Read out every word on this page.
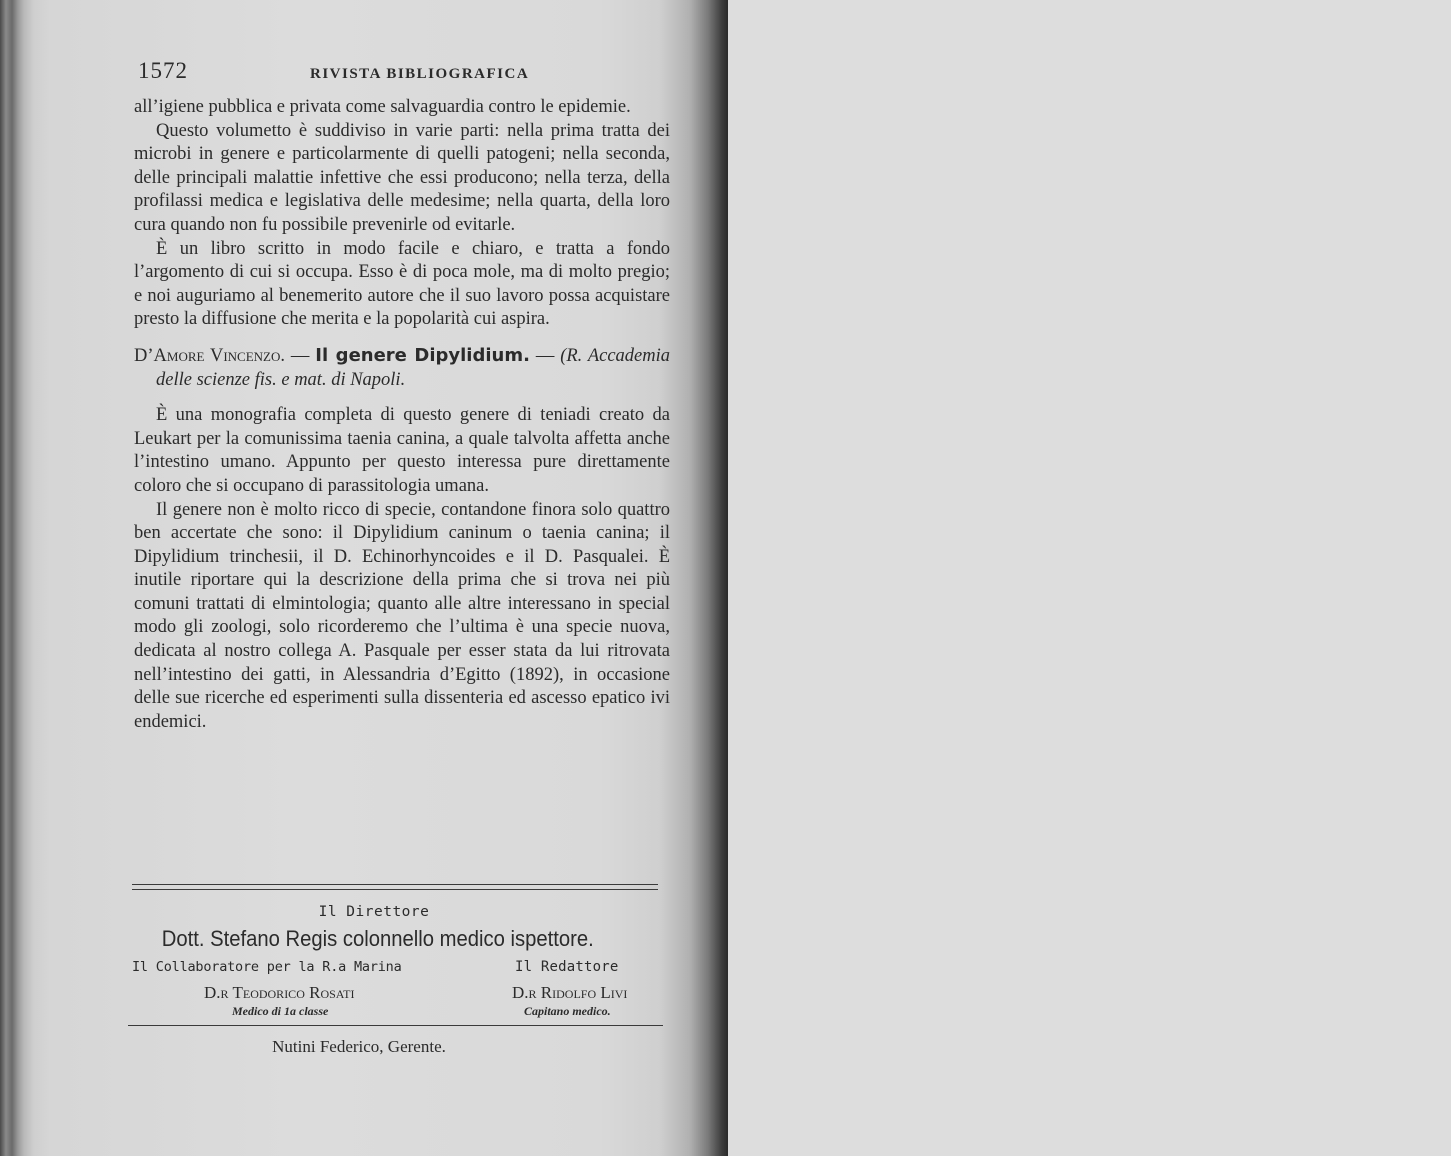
1572	RIVISTA BIBLIOGRAFICA

all’igiene pubblica e privata come salvaguardia contro le epidemie.

Questo volumetto è suddiviso in varie parti: nella prima tratta dei microbi in genere e particolarmente di quelli patogeni; nella seconda, delle principali malattie infettive che essi producono; nella terza, della profilassi medica e legislativa delle medesime; nella quarta, della loro cura quando non fu possibile prevenirle od evitarle.

È un libro scritto in modo facile e chiaro, e tratta a fondo l’argomento di cui si occupa. Esso è di poca mole, ma di molto pregio; e noi auguriamo al benemerito autore che il suo lavoro possa acquistare presto la diffusione che merita e la popolarità cui aspira.

D’Amore Vincenzo. — Il genere Dipylidium. — (R. Accademia delle scienze fis. e mat. di Napoli.

È una monografia completa di questo genere di teniadi creato da Leukart per la comunissima taenia canina, a quale talvolta affetta anche l’intestino umano. Appunto per questo interessa pure direttamente coloro che si occupano di parassitologia umana.

Il genere non è molto ricco di specie, contandone finora solo quattro ben accertate che sono: il Dipylidium caninum o taenia canina; il Dipylidium trinchesii, il D. Echinorhyncoides e il D. Pasqualei. È inutile riportare qui la descrizione della prima che si trova nei più comuni trattati di elmintologia; quanto alle altre interessano in special modo gli zoologi, solo ricorderemo che l’ultima è una specie nuova, dedicata al nostro collega A. Pasquale per esser stata da lui ritrovata nell’intestino dei gatti, in Alessandria d’Egitto (1892), in occasione delle sue ricerche ed esperimenti sulla dissenteria ed ascesso epatico ivi endemici.

Il Direttore
Dott. Stefano Regis colonnello medico ispettore.
Il Collaboratore per la R.a Marina	Il Redattore
D.r Teodorico Rosati	D.r Ridolfo Livi
Medico di 1a classe	Capitano medico.
Nutini Federico, Gerente.
